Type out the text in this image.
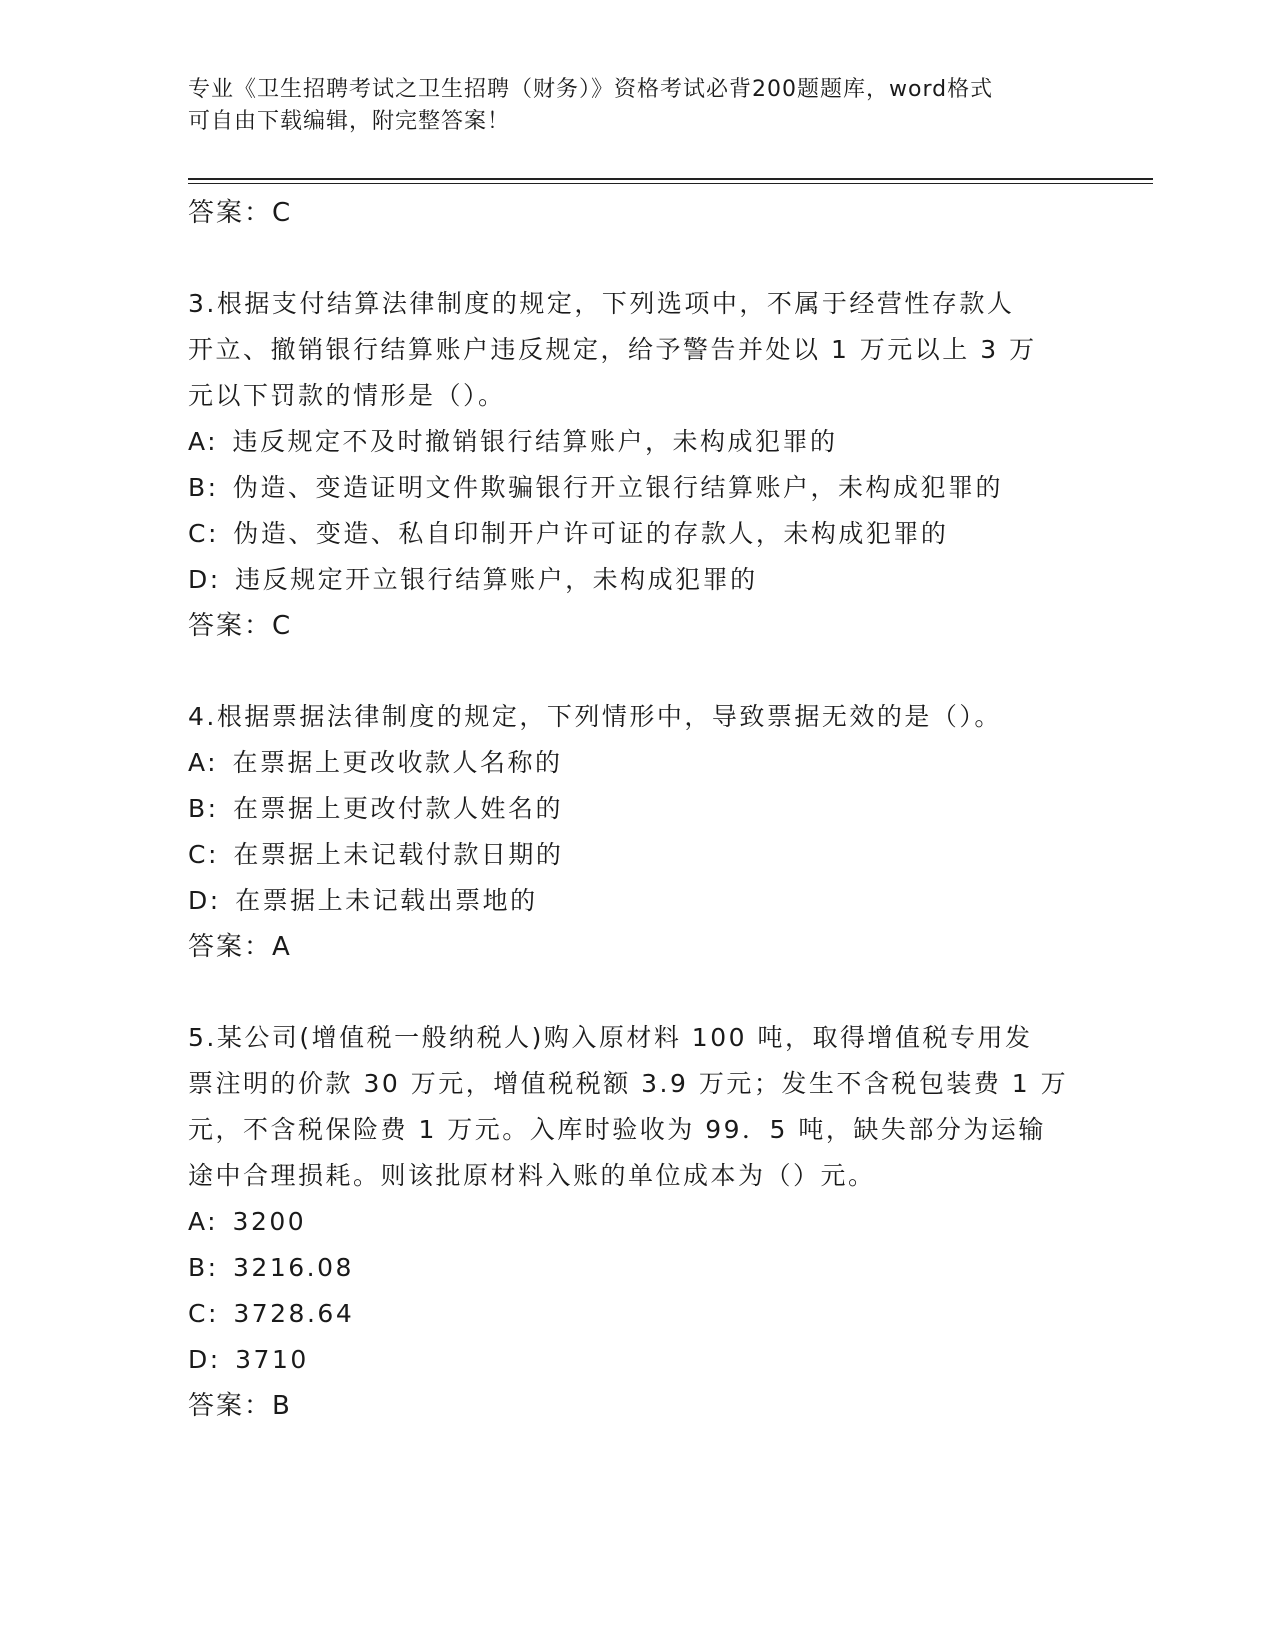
专业《卫生招聘考试之卫生招聘（财务）》资格考试必背200题题库，word格式
可自由下载编辑，附完整答案！
答案：C
3.根据支付结算法律制度的规定，下列选项中，不属于经营性存款人
开立、撤销银行结算账户违反规定，给予警告并处以 1 万元以上 3 万
元以下罚款的情形是（）。
A: 违反规定不及时撤销银行结算账户，未构成犯罪的
B: 伪造、变造证明文件欺骗银行开立银行结算账户，未构成犯罪的
C: 伪造、变造、私自印制开户许可证的存款人，未构成犯罪的
D: 违反规定开立银行结算账户，未构成犯罪的
答案：C
4.根据票据法律制度的规定，下列情形中，导致票据无效的是（）。
A: 在票据上更改收款人名称的
B: 在票据上更改付款人姓名的
C: 在票据上未记载付款日期的
D: 在票据上未记载出票地的
答案：A
5.某公司(增值税一般纳税人)购入原材料 100 吨，取得增值税专用发
票注明的价款 30 万元，增值税税额 3.9 万元；发生不含税包装费 1 万
元，不含税保险费 1 万元。入库时验收为 99．5 吨，缺失部分为运输
途中合理损耗。则该批原材料入账的单位成本为（）元。
A: 3200
B: 3216.08
C: 3728.64
D: 3710
答案：B
